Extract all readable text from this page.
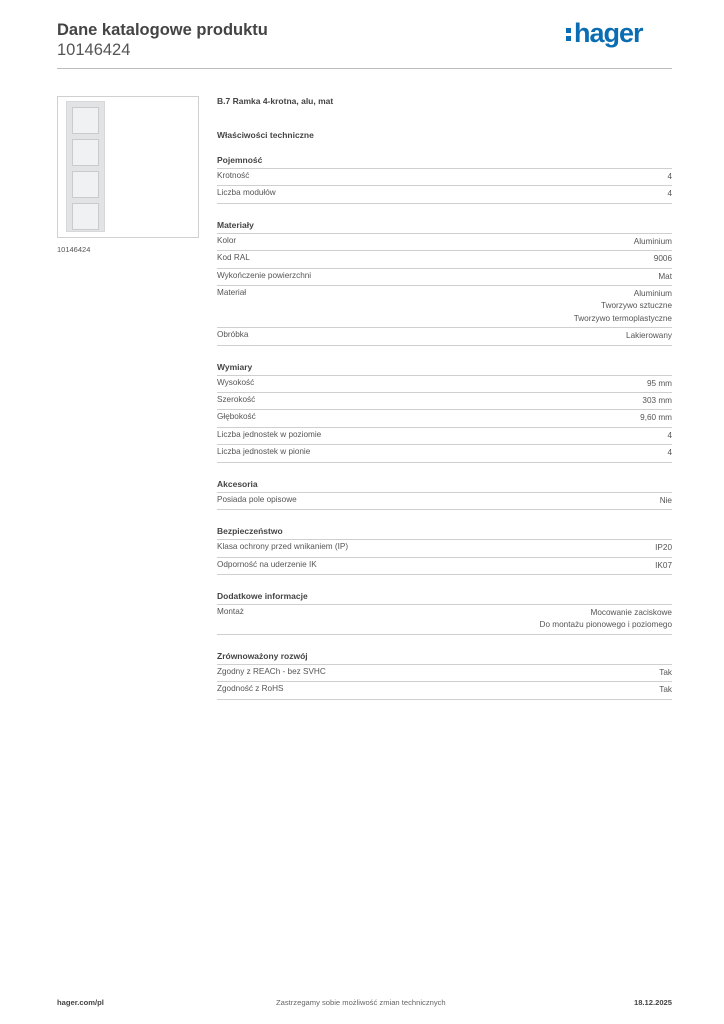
Dane katalogowe produktu
10146424
hager
10146424
B.7 Ramka 4-krotna, alu, mat
Właściwości techniczne
Pojemność
Krotność	4
Liczba modułów	4
Materiały
Kolor	Aluminium
Kod RAL	9006
Wykończenie powierzchni	Mat
Materiał	Aluminium
Tworzywo sztuczne
Tworzywo termoplastyczne
Obróbka	Lakierowany
Wymiary
Wysokość	95 mm
Szerokość	303 mm
Głębokość	9,60 mm
Liczba jednostek w poziomie	4
Liczba jednostek w pionie	4
Akcesoria
Posiada pole opisowe	Nie
Bezpieczeństwo
Klasa ochrony przed wnikaniem (IP)	IP20
Odporność na uderzenie IK	IK07
Dodatkowe informacje
Montaż	Mocowanie zaciskowe
Do montażu pionowego i poziomego
Zrównoważony rozwój
Zgodny z REACh - bez SVHC	Tak
Zgodność z RoHS	Tak
hager.com/pl	Zastrzegamy sobie możliwość zmian technicznych	18.12.2025
